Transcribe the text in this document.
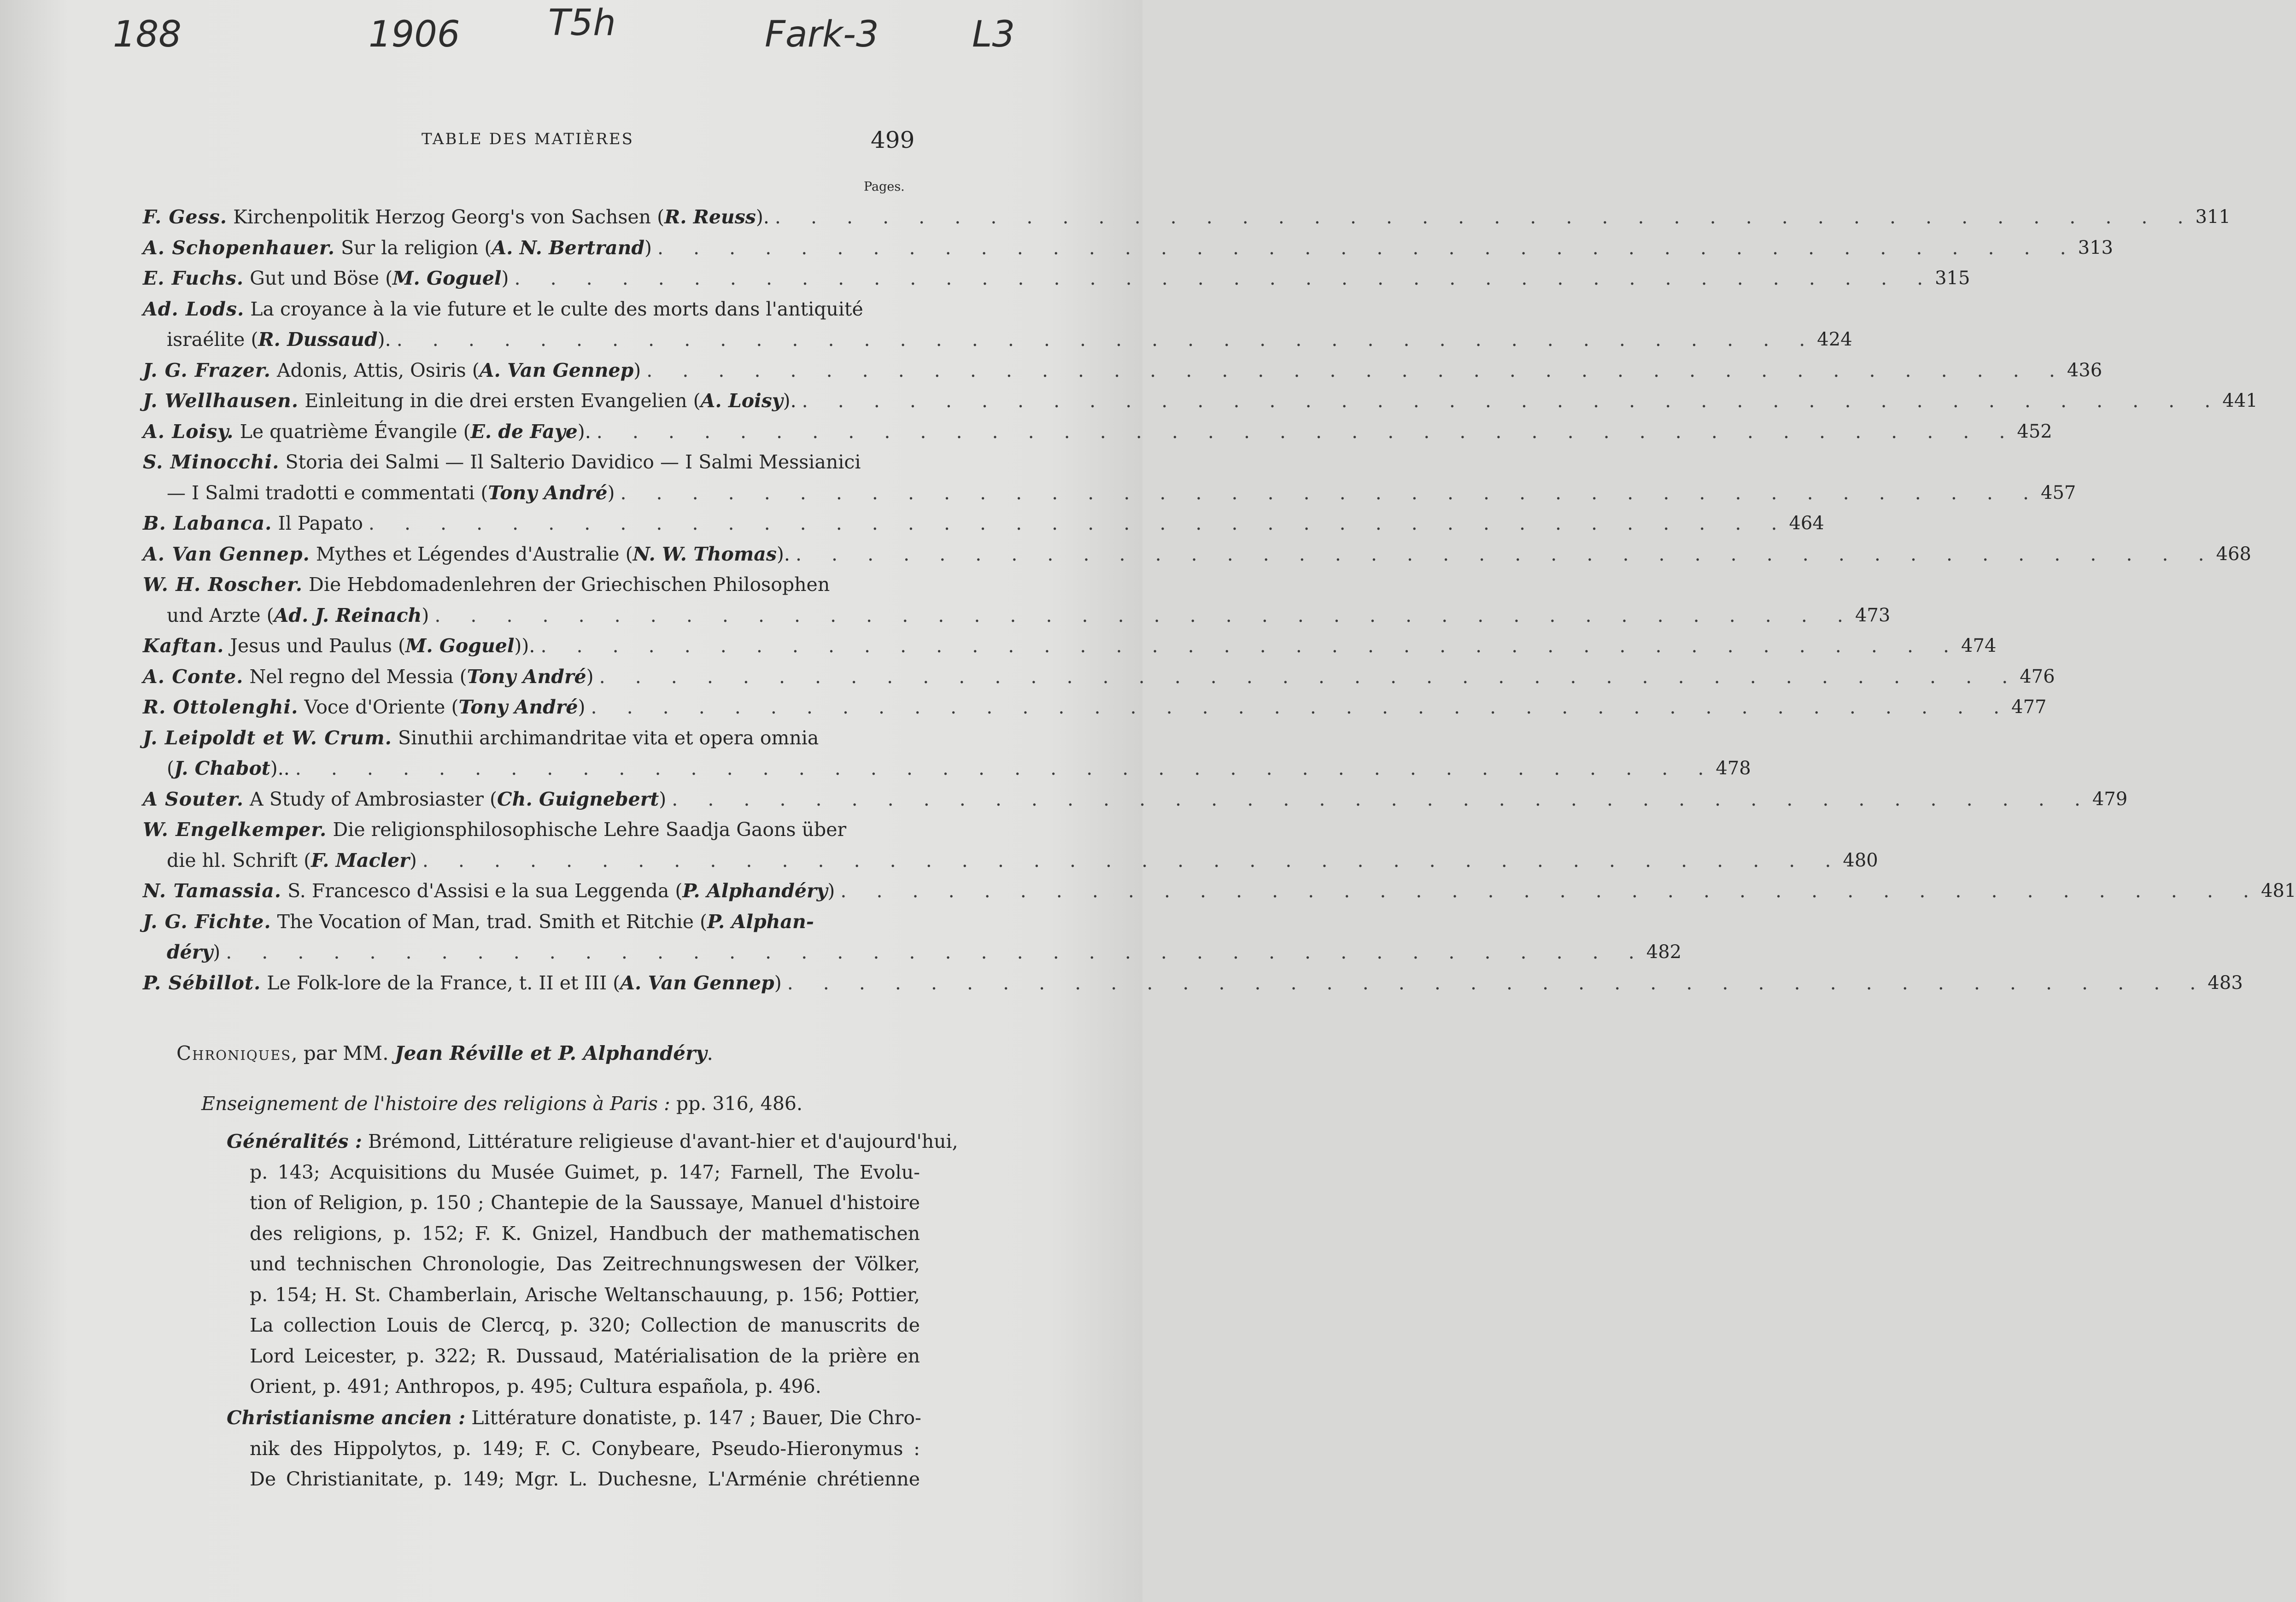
188	1906 T5h	Fark-3	L3
TABLE DES MATIÈRES	499
Pages.
F. Gess. Kirchenpolitik Herzog Georg's von Sachsen (R. Reuss). . . . . . . . . . . . . . . . . . . . . . . . . . . . . . . . . . . . . . . . . 311
A. Schopenhauer. Sur la religion (A. N. Bertrand) . . . . . . . . . . . . . . . . . . . . . . . . . . . . . . . . . . . . . . . . 313
E. Fuchs. Gut und Böse (M. Goguel) . . . . . . . . . . . . . . . . . . . . . . . . . . . . . . . . . . . . . . . . 315
Ad. Lods. La croyance à la vie future et le culte des morts dans l'antiquité
israélite (R. Dussaud). . . . . . . . . . . . . . . . . . . . . . . . . . . . . . . . . . . . . . . . . 424
J. G. Frazer. Adonis, Attis, Osiris (A. Van Gennep) . . . . . . . . . . . . . . . . . . . . . . . . . . . . . . . . . . . . . . . . 436
J. Wellhausen. Einleitung in die drei ersten Evangelien (A. Loisy). . . . . . . . . . . . . . . . . . . . . . . . . . . . . . . . . . . . . . . . . 441
A. Loisy. Le quatrième Évangile (E. de Faye). . . . . . . . . . . . . . . . . . . . . . . . . . . . . . . . . . . . . . . . . 452
S. Minocchi. Storia dei Salmi — Il Salterio Davidico — I Salmi Messianici
— I Salmi tradotti e commentati (Tony André) . . . . . . . . . . . . . . . . . . . . . . . . . . . . . . . . . . . . . . . . 457
B. Labanca. Il Papato . . . . . . . . . . . . . . . . . . . . . . . . . . . . . . . . . . . . . . . . 464
A. Van Gennep. Mythes et Légendes d'Australie (N. W. Thomas). . . . . . . . . . . . . . . . . . . . . . . . . . . . . . . . . . . . . . . . . 468
W. H. Roscher. Die Hebdomadenlehren der Griechischen Philosophen
und Arzte (Ad. J. Reinach) . . . . . . . . . . . . . . . . . . . . . . . . . . . . . . . . . . . . . . . . 473
Kaftan. Jesus und Paulus (M. Goguel)). . . . . . . . . . . . . . . . . . . . . . . . . . . . . . . . . . . . . . . . . 474
A. Conte. Nel regno del Messia (Tony André) . . . . . . . . . . . . . . . . . . . . . . . . . . . . . . . . . . . . . . . . 476
R. Ottolenghi. Voce d'Oriente (Tony André) . . . . . . . . . . . . . . . . . . . . . . . . . . . . . . . . . . . . . . . . 477
J. Leipoldt et W. Crum. Sinuthii archimandritae vita et opera omnia
(J. Chabot).. . . . . . . . . . . . . . . . . . . . . . . . . . . . . . . . . . . . . . . . . 478
A Souter. A Study of Ambrosiaster (Ch. Guignebert) . . . . . . . . . . . . . . . . . . . . . . . . . . . . . . . . . . . . . . . . 479
W. Engelkemper. Die religionsphilosophische Lehre Saadja Gaons über
die hl. Schrift (F. Macler) . . . . . . . . . . . . . . . . . . . . . . . . . . . . . . . . . . . . . . . . 480
N. Tamassia. S. Francesco d'Assisi e la sua Leggenda (P. Alphandéry) . . . . . . . . . . . . . . . . . . . . . . . . . . . . . . . . . . . . . . . . 481
J. G. Fichte. The Vocation of Man, trad. Smith et Ritchie (P. Alphan-
déry) . . . . . . . . . . . . . . . . . . . . . . . . . . . . . . . . . . . . . . . . 482
P. Sébillot. Le Folk-lore de la France, t. II et III (A. Van Gennep) . . . . . . . . . . . . . . . . . . . . . . . . . . . . . . . . . . . . . . . . 483
Chroniques, par MM. Jean Réville et P. Alphandéry.
Enseignement de l'histoire des religions à Paris : pp. 316, 486.

Généralités : Brémond, Littérature religieuse d'avant-hier et d'aujourd'hui,

p. 143; Acquisitions du Musée Guimet, p. 147; Farnell, The Evolu-

tion of Religion, p. 150 ; Chantepie de la Saussaye, Manuel d'histoire

des religions, p. 152; F. K. Gnizel, Handbuch der mathematischen

und technischen Chronologie, Das Zeitrechnungswesen der Völker,

p. 154; H. St. Chamberlain, Arische Weltanschauung, p. 156; Pottier,

La collection Louis de Clercq, p. 320; Collection de manuscrits de

Lord Leicester, p. 322; R. Dussaud, Matérialisation de la prière en

Orient, p. 491; Anthropos, p. 495; Cultura española, p. 496.

Christianisme ancien : Littérature donatiste, p. 147 ; Bauer, Die Chro-

nik des Hippolytos, p. 149; F. C. Conybeare, Pseudo-Hieronymus :

De Christianitate, p. 149; Mgr. L. Duchesne, L'Arménie chrétienne
